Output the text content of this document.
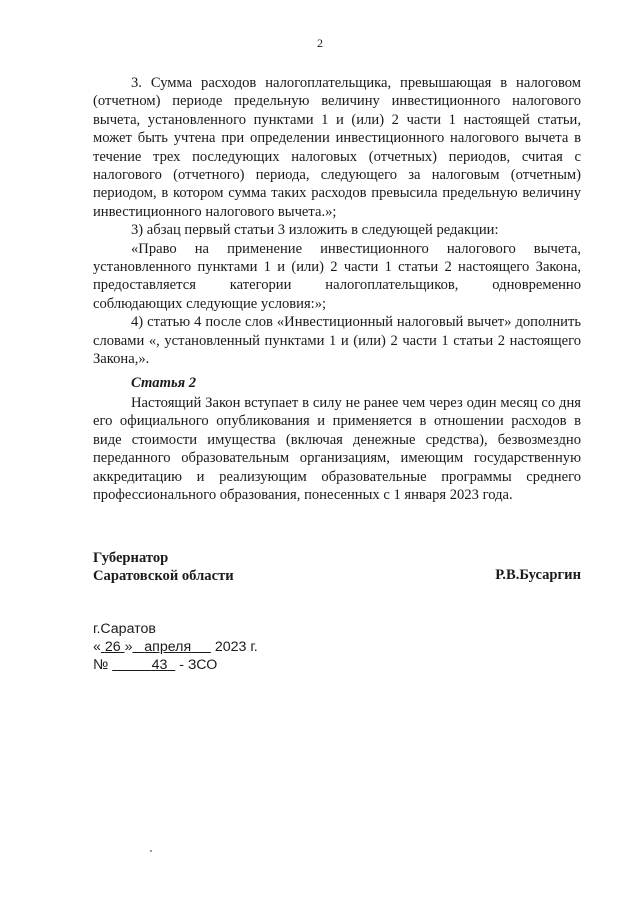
2

3. Сумма расходов налогоплательщика, превышающая в налоговом (отчетном) периоде предельную величину инвестиционного налогового вычета, установленного пунктами 1 и (или) 2 части 1 настоящей статьи, может быть учтена при определении инвестиционного налогового вычета в течение трех последующих налоговых (отчетных) периодов, считая с налогового (отчетного) периода, следующего за налоговым (отчетным) периодом, в котором сумма таких расходов превысила предельную величину инвестиционного налогового вычета.»;

3) абзац первый статьи 3 изложить в следующей редакции:

«Право на применение инвестиционного налогового вычета, установленного пунктами 1 и (или) 2 части 1 статьи 2 настоящего Закона, предоставляется категории налогоплательщиков, одновременно соблюдающих следующие условия:»;

4) статью 4 после слов «Инвестиционный налоговый вычет» дополнить словами «, установленный пунктами 1 и (или) 2 части 1 статьи 2 настоящего Закона,».

Статья 2

Настоящий Закон вступает в силу не ранее чем через один месяц со дня его официального опубликования и применяется в отношении расходов в виде стоимости имущества (включая денежные средства), безвозмездно переданного образовательным организациям, имеющим государственную аккредитацию и реализующим образовательные программы среднего профессионального образования, понесенных с 1 января 2023 года.

Губернатор
Саратовской области	Р.В.Бусаргин
г.Саратов
« 26 » апреля 2023 г.
№	43 - ЗСО
